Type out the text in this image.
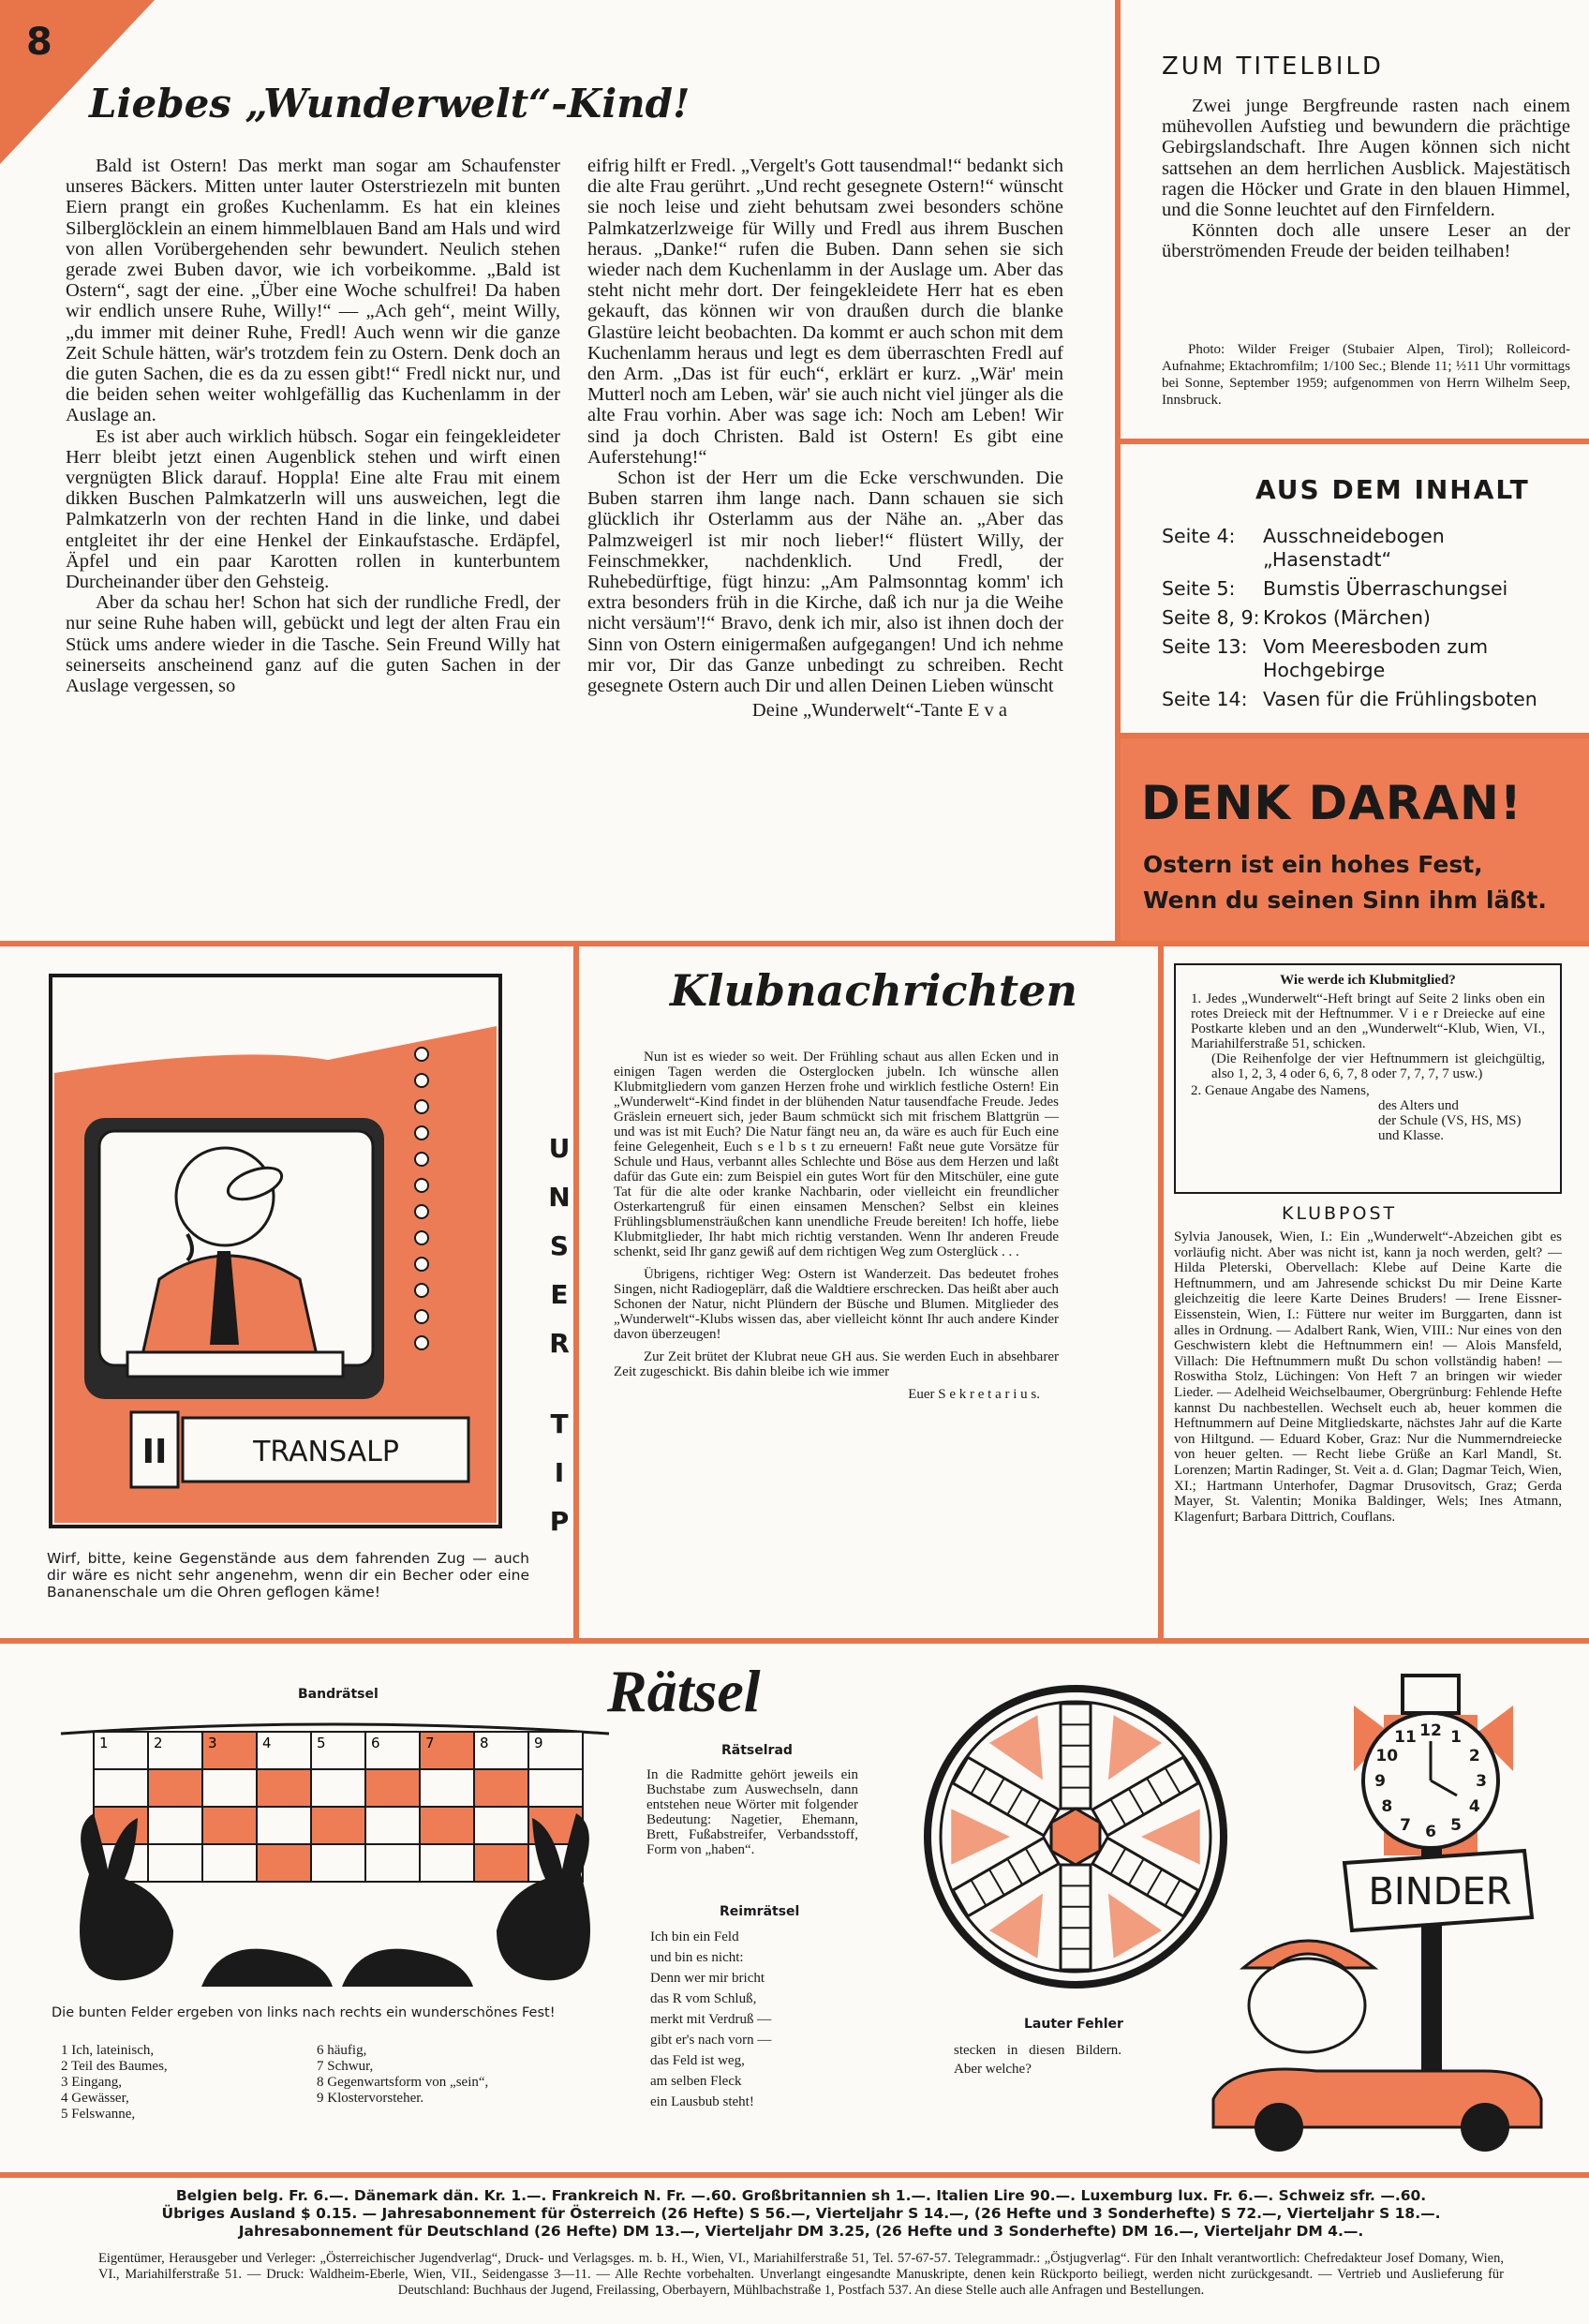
8
Liebes „Wunderwelt“-Kind!

Bald ist Ostern! Das merkt man sogar am Schaufenster unseres Bäckers. Mitten unter lauter Osterstriezeln mit bunten Eiern prangt ein großes Kuchenlamm. Es hat ein kleines Silberglöcklein an einem himmelblauen Band am Hals und wird von allen Vorübergehenden sehr bewundert. Neulich stehen gerade zwei Buben davor, wie ich vorbeikomme. „Bald ist Ostern“, sagt der eine. „Über eine Woche schulfrei! Da haben wir endlich unsere Ruhe, Willy!“ — „Ach geh“, meint Willy, „du immer mit deiner Ruhe, Fredl! Auch wenn wir die ganze Zeit Schule hätten, wär's trotzdem fein zu Ostern. Denk doch an die guten Sachen, die es da zu essen gibt!“ Fredl nickt nur, und die beiden sehen weiter wohlgefällig das Kuchenlamm in der Auslage an.

Es ist aber auch wirklich hübsch. Sogar ein feingekleideter Herr bleibt jetzt einen Augenblick stehen und wirft einen vergnügten Blick darauf. Hoppla! Eine alte Frau mit einem dikken Buschen Palmkatzerln will uns ausweichen, legt die Palmkatzerln von der rechten Hand in die linke, und dabei entgleitet ihr der eine Henkel der Einkaufstasche. Erdäpfel, Äpfel und ein paar Karotten rollen in kunterbuntem Durcheinander über den Gehsteig.

Aber da schau her! Schon hat sich der rundliche Fredl, der nur seine Ruhe haben will, gebückt und legt der alten Frau ein Stück ums andere wieder in die Tasche. Sein Freund Willy hat seinerseits anscheinend ganz auf die guten Sachen in der Auslage vergessen, so

eifrig hilft er Fredl. „Vergelt's Gott tausendmal!“ bedankt sich die alte Frau gerührt. „Und recht gesegnete Ostern!“ wünscht sie noch leise und zieht behutsam zwei besonders schöne Palmkatzerlzweige für Willy und Fredl aus ihrem Buschen heraus. „Danke!“ rufen die Buben. Dann sehen sie sich wieder nach dem Kuchenlamm in der Auslage um. Aber das steht nicht mehr dort. Der feingekleidete Herr hat es eben gekauft, das können wir von draußen durch die blanke Glastüre leicht beobachten. Da kommt er auch schon mit dem Kuchenlamm heraus und legt es dem überraschten Fredl auf den Arm. „Das ist für euch“, erklärt er kurz. „Wär' mein Mutterl noch am Leben, wär' sie auch nicht viel jünger als die alte Frau vorhin. Aber was sage ich: Noch am Leben! Wir sind ja doch Christen. Bald ist Ostern! Es gibt eine Auferstehung!“

Schon ist der Herr um die Ecke verschwunden. Die Buben starren ihm lange nach. Dann schauen sie sich glücklich ihr Osterlamm aus der Nähe an. „Aber das Palmzweigerl ist mir noch lieber!“ flüstert Willy, der Feinschmekker, nachdenklich. Und Fredl, der Ruhebedürftige, fügt hinzu: „Am Palmsonntag komm' ich extra besonders früh in die Kirche, daß ich nur ja die Weihe nicht versäum'!“ Bravo, denk ich mir, also ist ihnen doch der Sinn von Ostern einigermaßen aufgegangen! Und ich nehme mir vor, Dir das Ganze unbedingt zu schreiben. Recht gesegnete Ostern auch Dir und allen Deinen Lieben wünscht

Deine „Wunderwelt“-Tante E v a

ZUM TITELBILD

Zwei junge Bergfreunde rasten nach einem mühevollen Aufstieg und bewundern die prächtige Gebirgslandschaft. Ihre Augen können sich nicht sattsehen an dem herrlichen Ausblick. Majestätisch ragen die Höcker und Grate in den blauen Himmel, und die Sonne leuchtet auf den Firnfeldern.

Könnten doch alle unsere Leser an der überströmenden Freude der beiden teilhaben!

Photo: Wilder Freiger (Stubaier Alpen, Tirol); Rolleicord-Aufnahme; Ektachromfilm; 1/100 Sec.; Blende 11; ½11 Uhr vormittags bei Sonne, September 1959; aufgenommen von Herrn Wilhelm Seep, Innsbruck.
AUS DEM INHALT
Seite 4:	Ausschneidebogen „Hasenstadt“
Seite 5:	Bumstis Überraschungsei
Seite 8, 9: Krokos (Märchen)
Seite 13: Vom Meeresboden zum Hochgebirge
Seite 14: Vasen für die Frühlingsboten
DENK DARAN!
Ostern ist ein hohes Fest,
Wenn du seinen Sinn ihm läßt.
II	TRANSALP
U
N
S
E
R
T
I
P
Wirf, bitte, keine Gegenstände aus dem fahrenden Zug — auch dir wäre es nicht sehr angenehm, wenn dir ein Becher oder eine Bananenschale um die Ohren geflogen käme!
Klubnachrichten

Nun ist es wieder so weit. Der Frühling schaut aus allen Ecken und in einigen Tagen werden die Osterglocken jubeln. Ich wünsche allen Klubmitgliedern vom ganzen Herzen frohe und wirklich festliche Ostern! Ein „Wunderwelt“-Kind findet in der blühenden Natur tausendfache Freude. Jedes Gräslein erneuert sich, jeder Baum schmückt sich mit frischem Blattgrün — und was ist mit Euch? Die Natur fängt neu an, da wäre es auch für Euch eine feine Gelegenheit, Euch s e l b s t zu erneuern! Faßt neue gute Vorsätze für Schule und Haus, verbannt alles Schlechte und Böse aus dem Herzen und laßt dafür das Gute ein: zum Beispiel ein gutes Wort für den Mitschüler, eine gute Tat für die alte oder kranke Nachbarin, oder vielleicht ein freundlicher Osterkartengruß für einen einsamen Menschen? Selbst ein kleines Frühlingsblumensträußchen kann unendliche Freude bereiten! Ich hoffe, liebe Klubmitglieder, Ihr habt mich richtig verstanden. Wenn Ihr anderen Freude schenkt, seid Ihr ganz gewiß auf dem richtigen Weg zum Osterglück . . .

Übrigens, richtiger Weg: Ostern ist Wanderzeit. Das bedeutet frohes Singen, nicht Radiogeplärr, daß die Waldtiere erschrecken. Das heißt aber auch Schonen der Natur, nicht Plündern der Büsche und Blumen. Mitglieder des „Wunderwelt“-Klubs wissen das, aber vielleicht könnt Ihr auch andere Kinder davon überzeugen!

Zur Zeit brütet der Klubrat neue GH aus. Sie werden Euch in absehbarer Zeit zugeschickt. Bis dahin bleibe ich wie immer

Euer S e k r e t a r i u s.

Wie werde ich Klubmitglied?
1. Jedes „Wunderwelt“-Heft bringt auf Seite 2 links oben ein rotes Dreieck mit der Heftnummer. V i e r Dreiecke auf eine Postkarte kleben und an den „Wunderwelt“-Klub, Wien, VI., Mariahilferstraße 51, schicken.
(Die Reihenfolge der vier Heftnummern ist gleichgültig, also 1, 2, 3, 4 oder 6, 6, 7, 8 oder 7, 7, 7, 7 usw.)
2. Genaue Angabe des Namens,
des Alters und
der Schule (VS, HS, MS)
und Klasse.
KLUBPOST
Sylvia Janousek, Wien, I.: Ein „Wunderwelt“-Abzeichen gibt es vorläufig nicht. Aber was nicht ist, kann ja noch werden, gelt? — Hilda Pleterski, Obervellach: Klebe auf Deine Karte die Heftnummern, und am Jahresende schickst Du mir Deine Karte gleichzeitig die leere Karte Deines Bruders! — Irene Eissner-Eissenstein, Wien, I.: Füttere nur weiter im Burggarten, dann ist alles in Ordnung. — Adalbert Rank, Wien, VIII.: Nur eines von den Geschwistern klebt die Heftnummern ein! — Alois Mansfeld, Villach: Die Heftnummern mußt Du schon vollständig haben! — Roswitha Stolz, Lüchingen: Von Heft 7 an bringen wir wieder Lieder. — Adelheid Weichselbaumer, Obergrünburg: Fehlende Hefte kannst Du nachbestellen. Wechselt euch ab, heuer kommen die Heftnummern auf Deine Mitgliedskarte, nächstes Jahr auf die Karte von Hiltgund. — Eduard Kober, Graz: Nur die Nummerndreiecke von heuer gelten. — Recht liebe Grüße an Karl Mandl, St. Lorenzen; Martin Radinger, St. Veit a. d. Glan; Dagmar Teich, Wien, XI.; Hartmann Unterhofer, Dagmar Drusovitsch, Graz; Gerda Mayer, St. Valentin; Monika Baldinger, Wels; Ines Atmann, Klagenfurt; Barbara Dittrich, Couflans.
Bandrätsel
1	2	3	4	5	6	7	8	9
Die bunten Felder ergeben von links nach rechts ein wunderschönes Fest!
1 Ich, lateinisch,
2 Teil des Baumes,
3 Eingang,
4 Gewässer,
5 Felswanne,
6 häufig,
7 Schwur,
8 Gegenwartsform von „sein“,
9 Klostervorsteher.
Rätsel
Rätselrad
In die Radmitte gehört jeweils ein Buchstabe zum Auswechseln, dann entstehen neue Wörter mit folgender Bedeutung: Nagetier, Ehemann, Brett, Fußabstreifer, Verbandsstoff, Form von „haben“.
Reimrätsel
Ich bin ein Feld
und bin es nicht:
Denn wer mir bricht
das R vom Schluß,
merkt mit Verdruß —
gibt er's nach vorn —
das Feld ist weg,
am selben Fleck
ein Lausbub steht!
Lauter Fehler
stecken in diesen Bildern.
Aber welche?
1
2
3
4
5
6
7
8
9
10
11 12
BINDER
Belgien belg. Fr. 6.—. Dänemark dän. Kr. 1.—. Frankreich N. Fr. —.60. Großbritannien sh 1.—. Italien Lire 90.—. Luxemburg lux. Fr. 6.—. Schweiz sfr. —.60.
Übriges Ausland $ 0.15. — Jahresabonnement für Österreich (26 Hefte) S 56.—, Vierteljahr S 14.—, (26 Hefte und 3 Sonderhefte) S 72.—, Vierteljahr S 18.—.
Jahresabonnement für Deutschland (26 Hefte) DM 13.—, Vierteljahr DM 3.25, (26 Hefte und 3 Sonderhefte) DM 16.—, Vierteljahr DM 4.—.
Eigentümer, Herausgeber und Verleger: „Österreichischer Jugendverlag“, Druck- und Verlagsges. m. b. H., Wien, VI., Mariahilferstraße 51, Tel. 57-67-57. Telegrammadr.: „Östjugverlag“. Für den Inhalt verantwortlich: Chefredakteur Josef Domany, Wien, VI., Mariahilferstraße 51. — Druck: Waldheim-Eberle, Wien, VII., Seidengasse 3—11. — Alle Rechte vorbehalten. Unverlangt eingesandte Manuskripte, denen kein Rückporto beiliegt, werden nicht zurückgesandt. — Vertrieb und Auslieferung für Deutschland: Buchhaus der Jugend, Freilassing, Oberbayern, Mühlbachstraße 1, Postfach 537. An diese Stelle auch alle Anfragen und Bestellungen.
